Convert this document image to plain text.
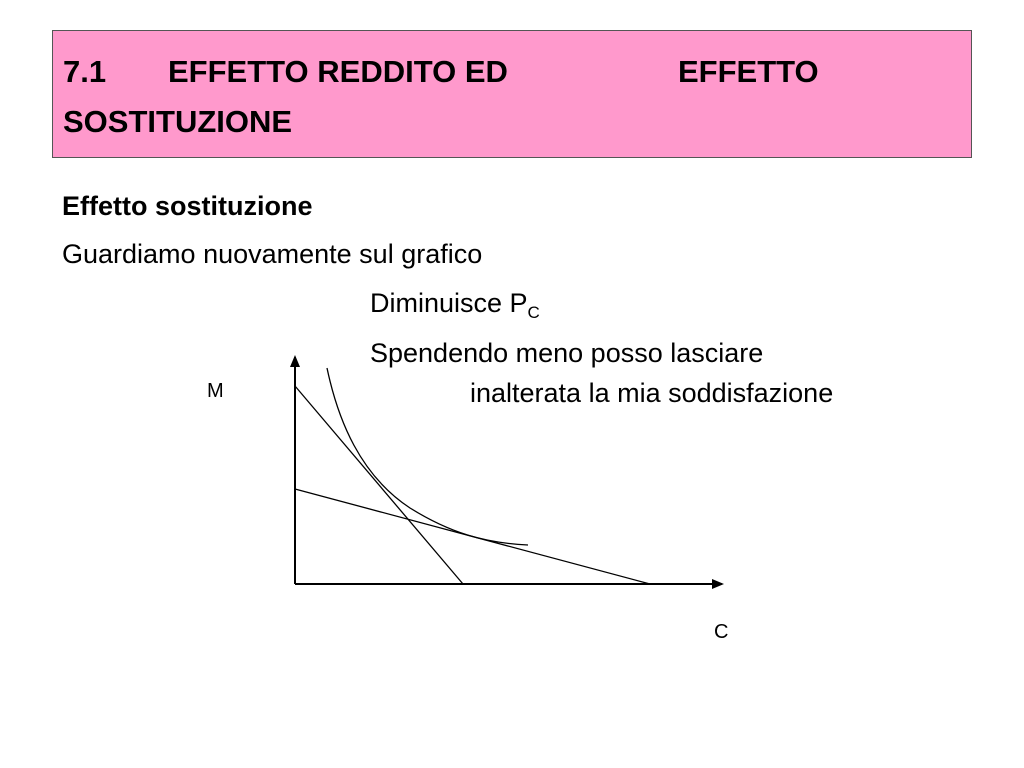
7.1 EFFETTO REDDITO ED	EFFETTO
SOSTITUZIONE
Effetto sostituzione
Guardiamo nuovamente sul grafico
Diminuisce $P_C$
Spendendo meno posso lasciare
inalterata la mia soddisfazione
M
C
